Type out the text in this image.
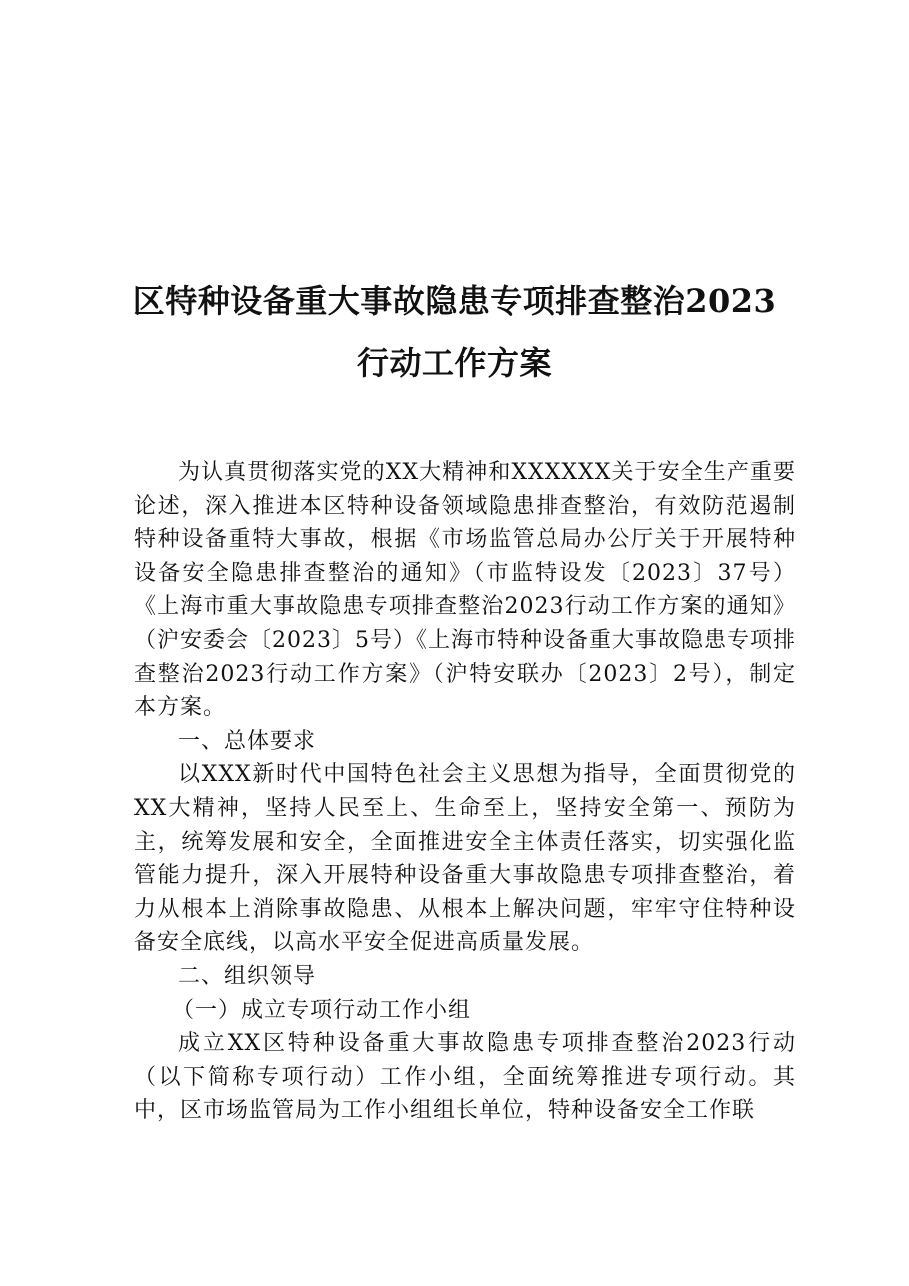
区特种设备重大事故隐患专项排查整治2023
行动工作方案

为认真贯彻落实党的XX大精神和XXXXXX关于安全生产重要论述，深入推进本区特种设备领域隐患排查整治，有效防范遏制特种设备重特大事故，根据《市场监管总局办公厅关于开展特种设备安全隐患排查整治的通知》（市监特设发〔2023〕37号）《上海市重大事故隐患专项排查整治2023行动工作方案的通知》（沪安委会〔2023〕5号）《上海市特种设备重大事故隐患专项排查整治2023行动工作方案》（沪特安联办〔2023〕2号），制定本方案。

一、总体要求

以XXX新时代中国特色社会主义思想为指导，全面贯彻党的XX大精神，坚持人民至上、生命至上，坚持安全第一、预防为主，统筹发展和安全，全面推进安全主体责任落实，切实强化监管能力提升，深入开展特种设备重大事故隐患专项排查整治，着力从根本上消除事故隐患、从根本上解决问题，牢牢守住特种设备安全底线，以高水平安全促进高质量发展。

二、组织领导

（一）成立专项行动工作小组

成立XX区特种设备重大事故隐患专项排查整治2023行动（以下简称专项行动）工作小组，全面统筹推进专项行动。其中，区市场监管局为工作小组组长单位，特种设备安全工作联
